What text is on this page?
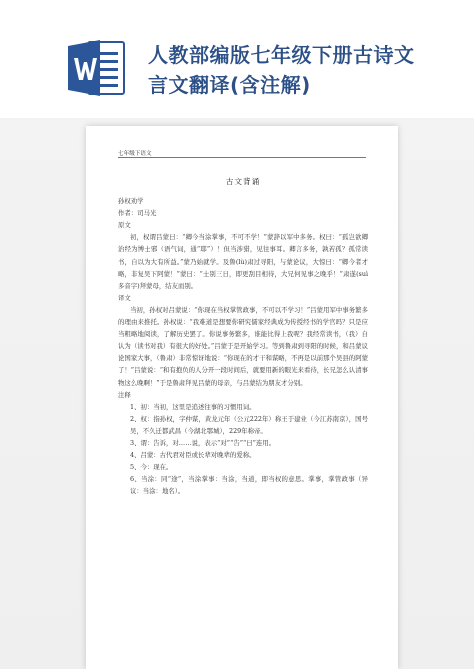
人教部编版七年级下册古诗文
言文翻译(含注解)
七年级下语文
古文背诵
孙权劝学
作者：司马光
原文
初，权谓吕蒙曰：“卿今当涂掌事，不可不学！”蒙辞以军中多务。权曰：“孤岂欲卿治经为博士邪（语气词，通“耶”）！但当涉猎，见往事耳。卿言多务，孰若孤？孤常读书，自以为大有所益。”蒙乃始就学。及鲁(lù)肃过寻阳，与蒙论议，大惊曰：“卿今者才略，非复吴下阿蒙！”蒙曰：“士别三日，即更刮目相待，大兄何见事之晚乎！”肃遂(suì多音字)拜蒙母，结友而别。
译文
当初，孙权对吕蒙说：“你现在当权掌管政事，不可以不学习！”吕蒙用军中事务繁多的理由来推托。孙权说：“我难道是想要你研究儒家经典成为传授经书的学官吗？只是应当粗略地阅读，了解历史罢了。你说事务繁多，谁能比得上我呢？我经常读书，（我）自认为（读书对我）有很大的好处。”吕蒙于是开始学习。等到鲁肃到寻阳的时候，和吕蒙议论国家大事，（鲁肃）非常惊讶地说：“你现在的才干和谋略，不再是以前那个吴县的阿蒙了！”吕蒙说：“和有抱负的人分开一段时间后，就要用新的眼光来看待，长兄怎么认清事物这么晚啊！”于是鲁肃拜见吕蒙的母亲，与吕蒙结为朋友才分别。
注释
1、初：当初，这里是追述往事的习惯用词。
2、权：指孙权，字仲谋，黄龙元年（公元222年）称王于建业（今江苏南京），国号吴，不久迁都武昌（今湖北鄂城），229年称帝。
3、谓：告诉，对……说，表示“对”“告”“曰”连用。
4、吕蒙：古代君对臣或长辈对晚辈的爱称。
5、今：现在。
6、当涂：同“途”，当涂掌事：当涂，当道，即当权的意思。掌事，掌管政事（异议：当涂：地名）。
